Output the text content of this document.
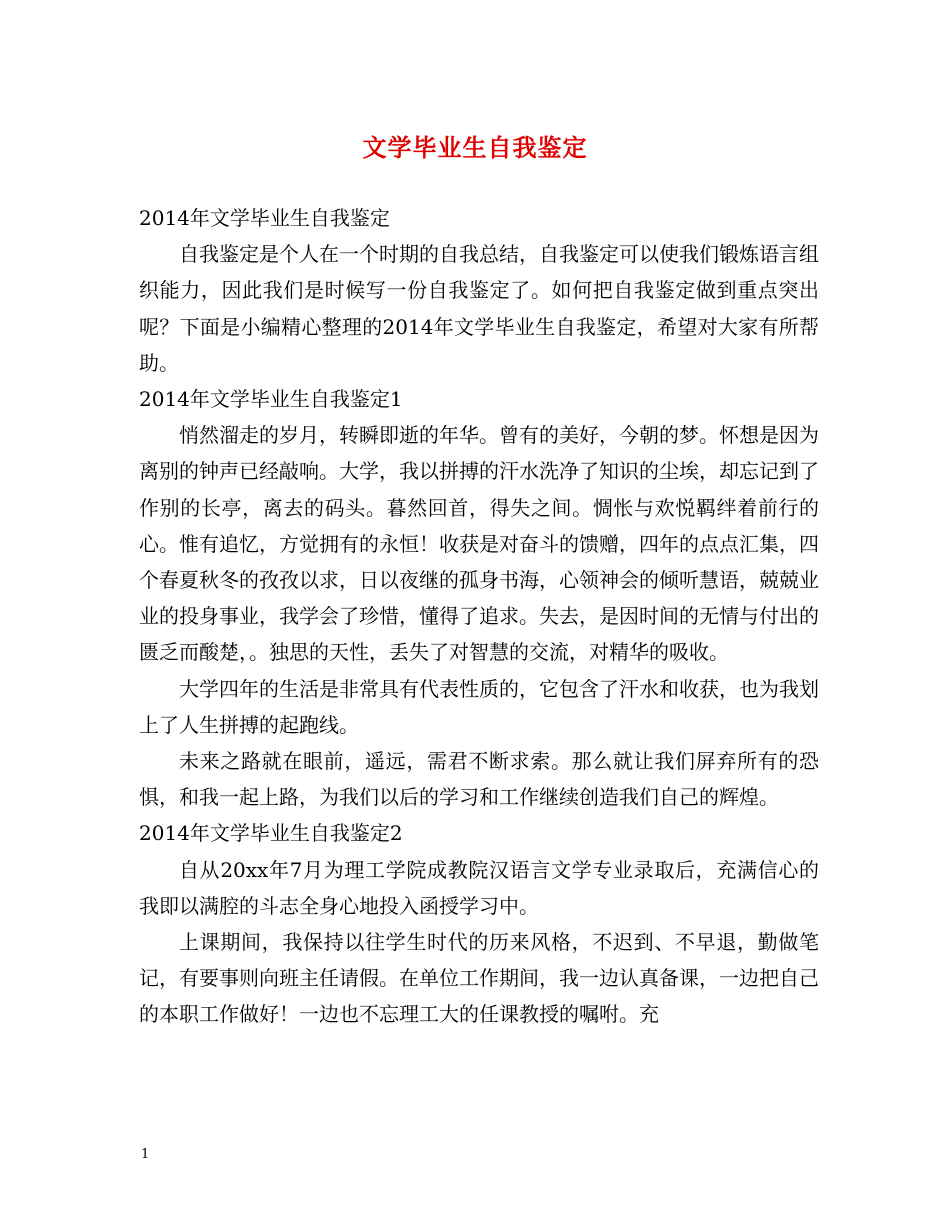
文学毕业生自我鉴定

2014年文学毕业生自我鉴定

自我鉴定是个人在一个时期的自我总结，自我鉴定可以使我们锻炼语言组织能力，因此我们是时候写一份自我鉴定了。如何把自我鉴定做到重点突出呢？下面是小编精心整理的2014年文学毕业生自我鉴定，希望对大家有所帮助。

2014年文学毕业生自我鉴定1

悄然溜走的岁月，转瞬即逝的年华。曾有的美好，今朝的梦。怀想是因为离别的钟声已经敲响。大学，我以拼搏的汗水洗净了知识的尘埃，却忘记到了作别的长亭，离去的码头。暮然回首，得失之间。惆怅与欢悦羁绊着前行的心。惟有追忆，方觉拥有的永恒！收获是对奋斗的馈赠，四年的点点汇集，四个春夏秋冬的孜孜以求，日以夜继的孤身书海，心领神会的倾听慧语，兢兢业业的投身事业，我学会了珍惜，懂得了追求。失去，是因时间的无情与付出的匮乏而酸楚，。独思的天性，丢失了对智慧的交流，对精华的吸收。

大学四年的生活是非常具有代表性质的，它包含了汗水和收获，也为我划上了人生拼搏的起跑线。

未来之路就在眼前，遥远，需君不断求索。那么就让我们屏弃所有的恐惧，和我一起上路，为我们以后的学习和工作继续创造我们自己的辉煌。

2014年文学毕业生自我鉴定2

自从20xx年7月为理工学院成教院汉语言文学专业录取后，充满信心的我即以满腔的斗志全身心地投入函授学习中。

上课期间，我保持以往学生时代的历来风格，不迟到、不早退，勤做笔记，有要事则向班主任请假。在单位工作期间，我一边认真备课，一边把自己的本职工作做好！一边也不忘理工大的任课教授的嘱咐。充

1
